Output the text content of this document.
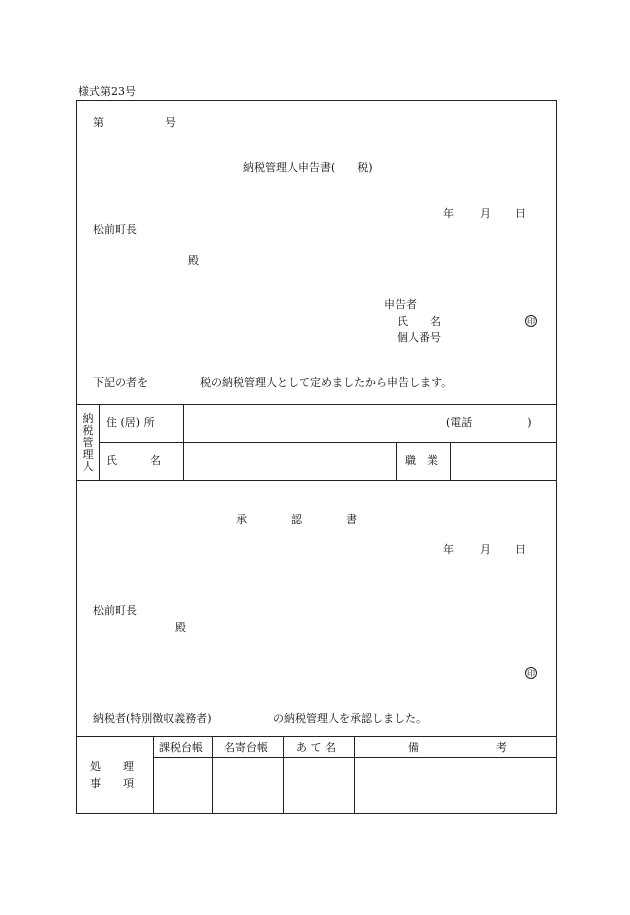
様式第23号
第	号
納税管理人申告書(　　税)
年 月 日
松前町長
殿
申告者
氏　　名	印
個人番号
下記の者を	税の納税管理人として定めましたから申告します。
納税管理人
住 (居) 所	(電話　　　　　)
氏　　　名	職　業
承　　　　認　　　　書
年 月 日
松前町長
殿
印
納税者(特別徴収義務者)	の納税管理人を承認しました。
処　　理
事　　項
課税台帳 名寄台帳	あ て 名	備　　　　　　　考
